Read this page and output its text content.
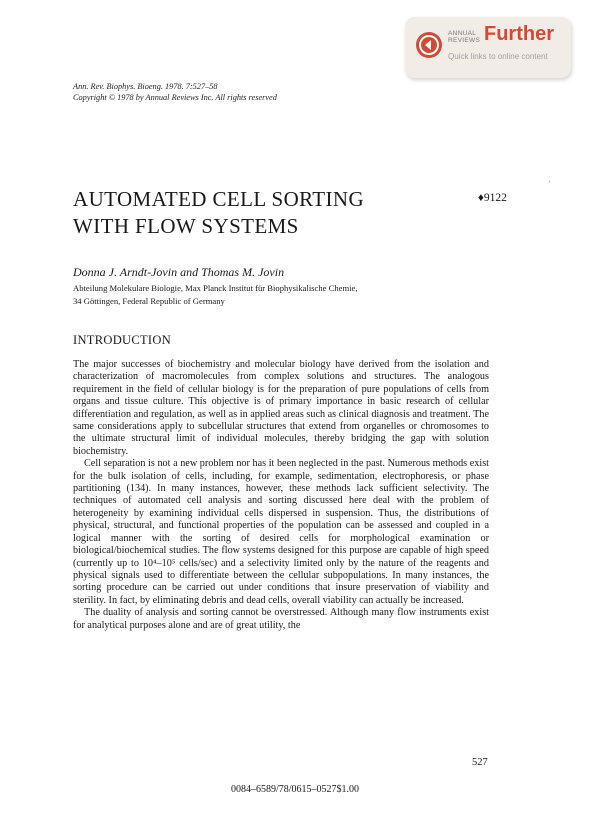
ANNUAL
REVIEWS Further
Quick links to online content
Ann. Rev. Biophys. Bioeng. 1978. 7:527–58
Copyright © 1978 by Annual Reviews Inc. All rights reserved
ˊ
AUTOMATED CELL SORTING
WITH FLOW SYSTEMS
♦9122
Donna J. Arndt-Jovin and Thomas M. Jovin
Abteilung Molekulare Biologie, Max Planck Institut für Biophysikalische Chemie,
34 Göttingen, Federal Republic of Germany
INTRODUCTION

The major successes of biochemistry and molecular biology have derived from the isolation and characterization of macromolecules from complex solutions and structures. The analogous requirement in the field of cellular biology is for the preparation of pure populations of cells from organs and tissue culture. This objective is of primary importance in basic research of cellular differentiation and regulation, as well as in applied areas such as clinical diagnosis and treatment. The same considerations apply to subcellular structures that extend from organelles or chromosomes to the ultimate structural limit of individual molecules, thereby bridging the gap with solution biochemistry.

Cell separation is not a new problem nor has it been neglected in the past. Numerous methods exist for the bulk isolation of cells, including, for example, sedimentation, electrophoresis, or phase partitioning (134). In many instances, however, these methods lack sufficient selectivity. The techniques of automated cell analysis and sorting discussed here deal with the problem of heterogeneity by examining individual cells dispersed in suspension. Thus, the distributions of physical, structural, and functional properties of the population can be assessed and coupled in a logical manner with the sorting of desired cells for morphological examination or biological/biochemical studies. The flow systems designed for this purpose are capable of high speed (currently up to 10⁴–10⁵ cells/sec) and a selectivity limited only by the nature of the reagents and physical signals used to differentiate between the cellular subpopulations. In many instances, the sorting procedure can be carried out under conditions that insure preservation of viability and sterility. In fact, by eliminating debris and dead cells, overall viability can actually be increased.

The duality of analysis and sorting cannot be overstressed. Although many flow instruments exist for analytical purposes alone and are of great utility, the

527
0084–6589/78/0615–0527$1.00
